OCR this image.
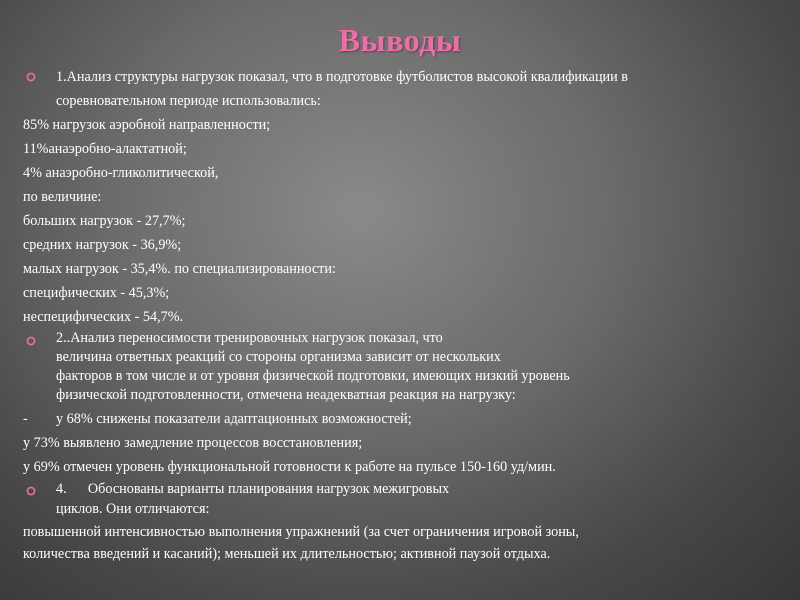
Выводы
1.Анализ структуры нагрузок показал, что в подготовке футболистов высокой квалификации в
соревновательном периоде использовались:
85% нагрузок аэробной направленности;
11%анаэробно-алактатной;
4% анаэробно-гликолитической,
по величине:
больших нагрузок - 27,7%;
средних нагрузок - 36,9%;
малых нагрузок - 35,4%. по специализированности:
специфических - 45,3%;
неспецифических - 54,7%.
2..Анализ переносимости тренировочных нагрузок показал, что
величина ответных реакций со стороны организма зависит от нескольких
факторов в том числе и от уровня физической подготовки, имеющих низкий уровень
физической подготовленности, отмечена неадекватная реакция на нагрузку:
- у 68% снижены показатели адаптационных возможностей;
у 73% выявлено замедление процессов восстановления;
у 69% отмечен уровень функциональной готовности к работе на пульсе 150-160 уд/мин.
4.      Обоснованы варианты планирования нагрузок межигровых
циклов. Они отличаются:
повышенной интенсивностью выполнения упражнений (за счет ограничения игровой зоны,
количества введений и касаний); меньшей их длительностью; активной паузой отдыха.
